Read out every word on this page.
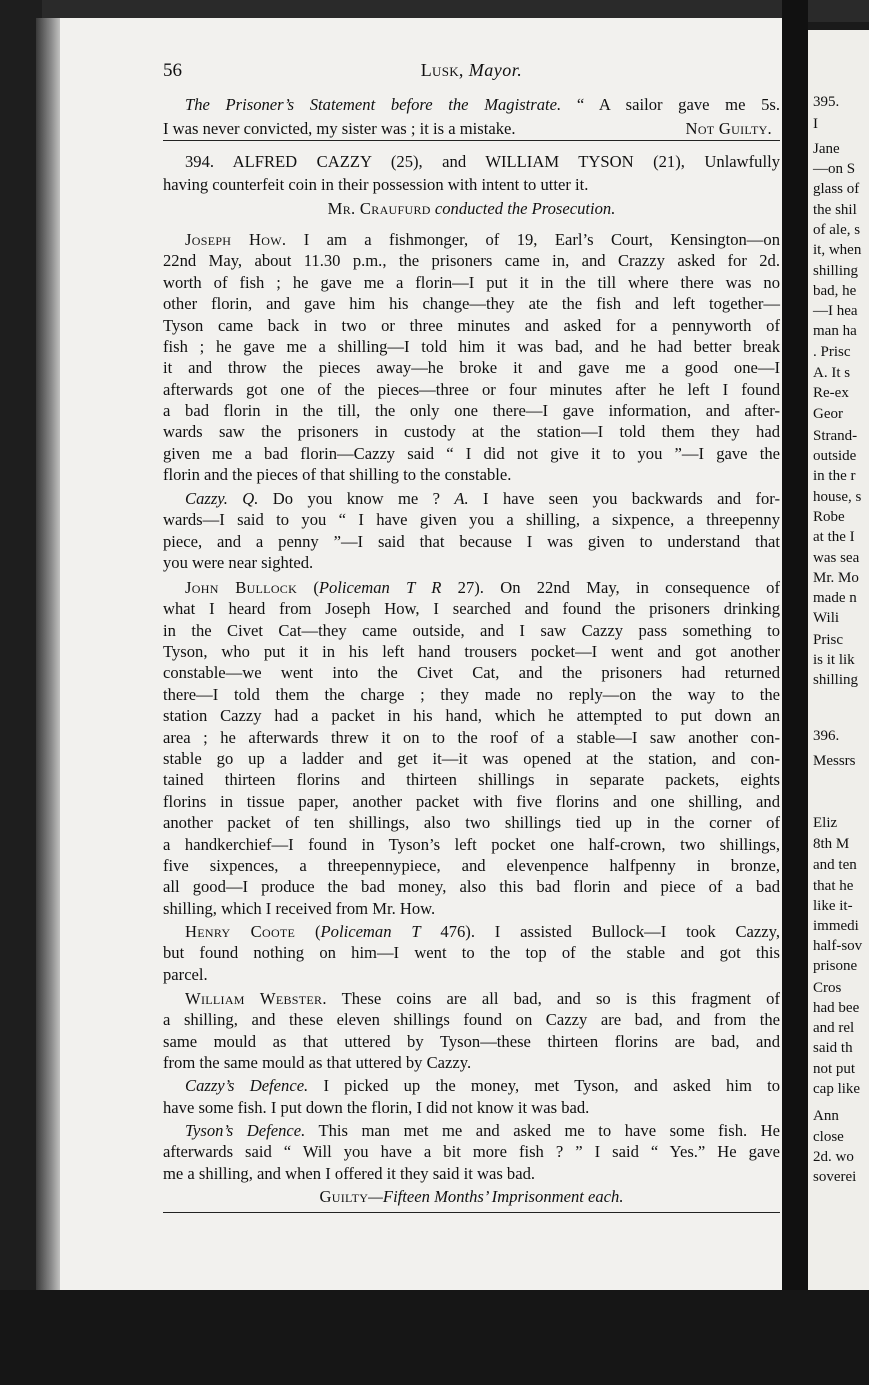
395.
I
Jane
—on S
glass of
the shil
of ale, s
it, when
shilling
bad, he
—I hea
man ha
. Prisc
A. It s
Re-ex
Geor
Strand-
outside
in the r
house, s
Robe
at the I
was sea
Mr. Mo
made n
Wili
Prisc
is it lik
shilling
396.
Messrs
Eliz
8th M
and ten
that he
like it-
immedi
half-sov
prisone
Cros
had bee
and rel
said th
not put
cap like
Ann
close
2d. wo
soverei
56	Lusk, Mayor.
The Prisoner’s Statement before the Magistrate. “ A sailor gave me 5s.
I was never convicted, my sister was ; it is a mistake.	Not Guilty.
394. ALFRED CAZZY (25), and WILLIAM TYSON (21), Unlawfully
having counterfeit coin in their possession with intent to utter it.
Mr. Craufurd conducted the Prosecution.
Joseph How. I am a fishmonger, of 19, Earl’s Court, Kensington—on
22nd May, about 11.30 p.m., the prisoners came in, and Crazzy asked for 2d.
worth of fish ; he gave me a florin—I put it in the till where there was no
other florin, and gave him his change—they ate the fish and left together—
Tyson came back in two or three minutes and asked for a pennyworth of
fish ; he gave me a shilling—I told him it was bad, and he had better break
it and throw the pieces away—he broke it and gave me a good one—I
afterwards got one of the pieces—three or four minutes after he left I found
a bad florin in the till, the only one there—I gave information, and after-
wards saw the prisoners in custody at the station—I told them they had
given me a bad florin—Cazzy said “ I did not give it to you ”—I gave the
florin and the pieces of that shilling to the constable.
Cazzy. Q. Do you know me ? A. I have seen you backwards and for-
wards—I said to you “ I have given you a shilling, a sixpence, a threepenny
piece, and a penny ”—I said that because I was given to understand that
you were near sighted.
John Bullock (Policeman T R 27). On 22nd May, in consequence of
what I heard from Joseph How, I searched and found the prisoners drinking
in the Civet Cat—they came outside, and I saw Cazzy pass something to
Tyson, who put it in his left hand trousers pocket—I went and got another
constable—we went into the Civet Cat, and the prisoners had returned
there—I told them the charge ; they made no reply—on the way to the
station Cazzy had a packet in his hand, which he attempted to put down an
area ; he afterwards threw it on to the roof of a stable—I saw another con-
stable go up a ladder and get it—it was opened at the station, and con-
tained thirteen florins and thirteen shillings in separate packets, eights
florins in tissue paper, another packet with five florins and one shilling, and
another packet of ten shillings, also two shillings tied up in the corner of
a handkerchief—I found in Tyson’s left pocket one half-crown, two shillings,
five sixpences, a threepennypiece, and elevenpence halfpenny in bronze,
all good—I produce the bad money, also this bad florin and piece of a bad
shilling, which I received from Mr. How.
Henry Coote (Policeman T 476). I assisted Bullock—I took Cazzy,
but found nothing on him—I went to the top of the stable and got this
parcel.
William Webster. These coins are all bad, and so is this fragment of
a shilling, and these eleven shillings found on Cazzy are bad, and from the
same mould as that uttered by Tyson—these thirteen florins are bad, and
from the same mould as that uttered by Cazzy.
Cazzy’s Defence. I picked up the money, met Tyson, and asked him to
have some fish. I put down the florin, I did not know it was bad.
Tyson’s Defence. This man met me and asked me to have some fish. He
afterwards said “ Will you have a bit more fish ? ” I said “ Yes.” He gave
me a shilling, and when I offered it they said it was bad.
Guilty—Fifteen Months’ Imprisonment each.
